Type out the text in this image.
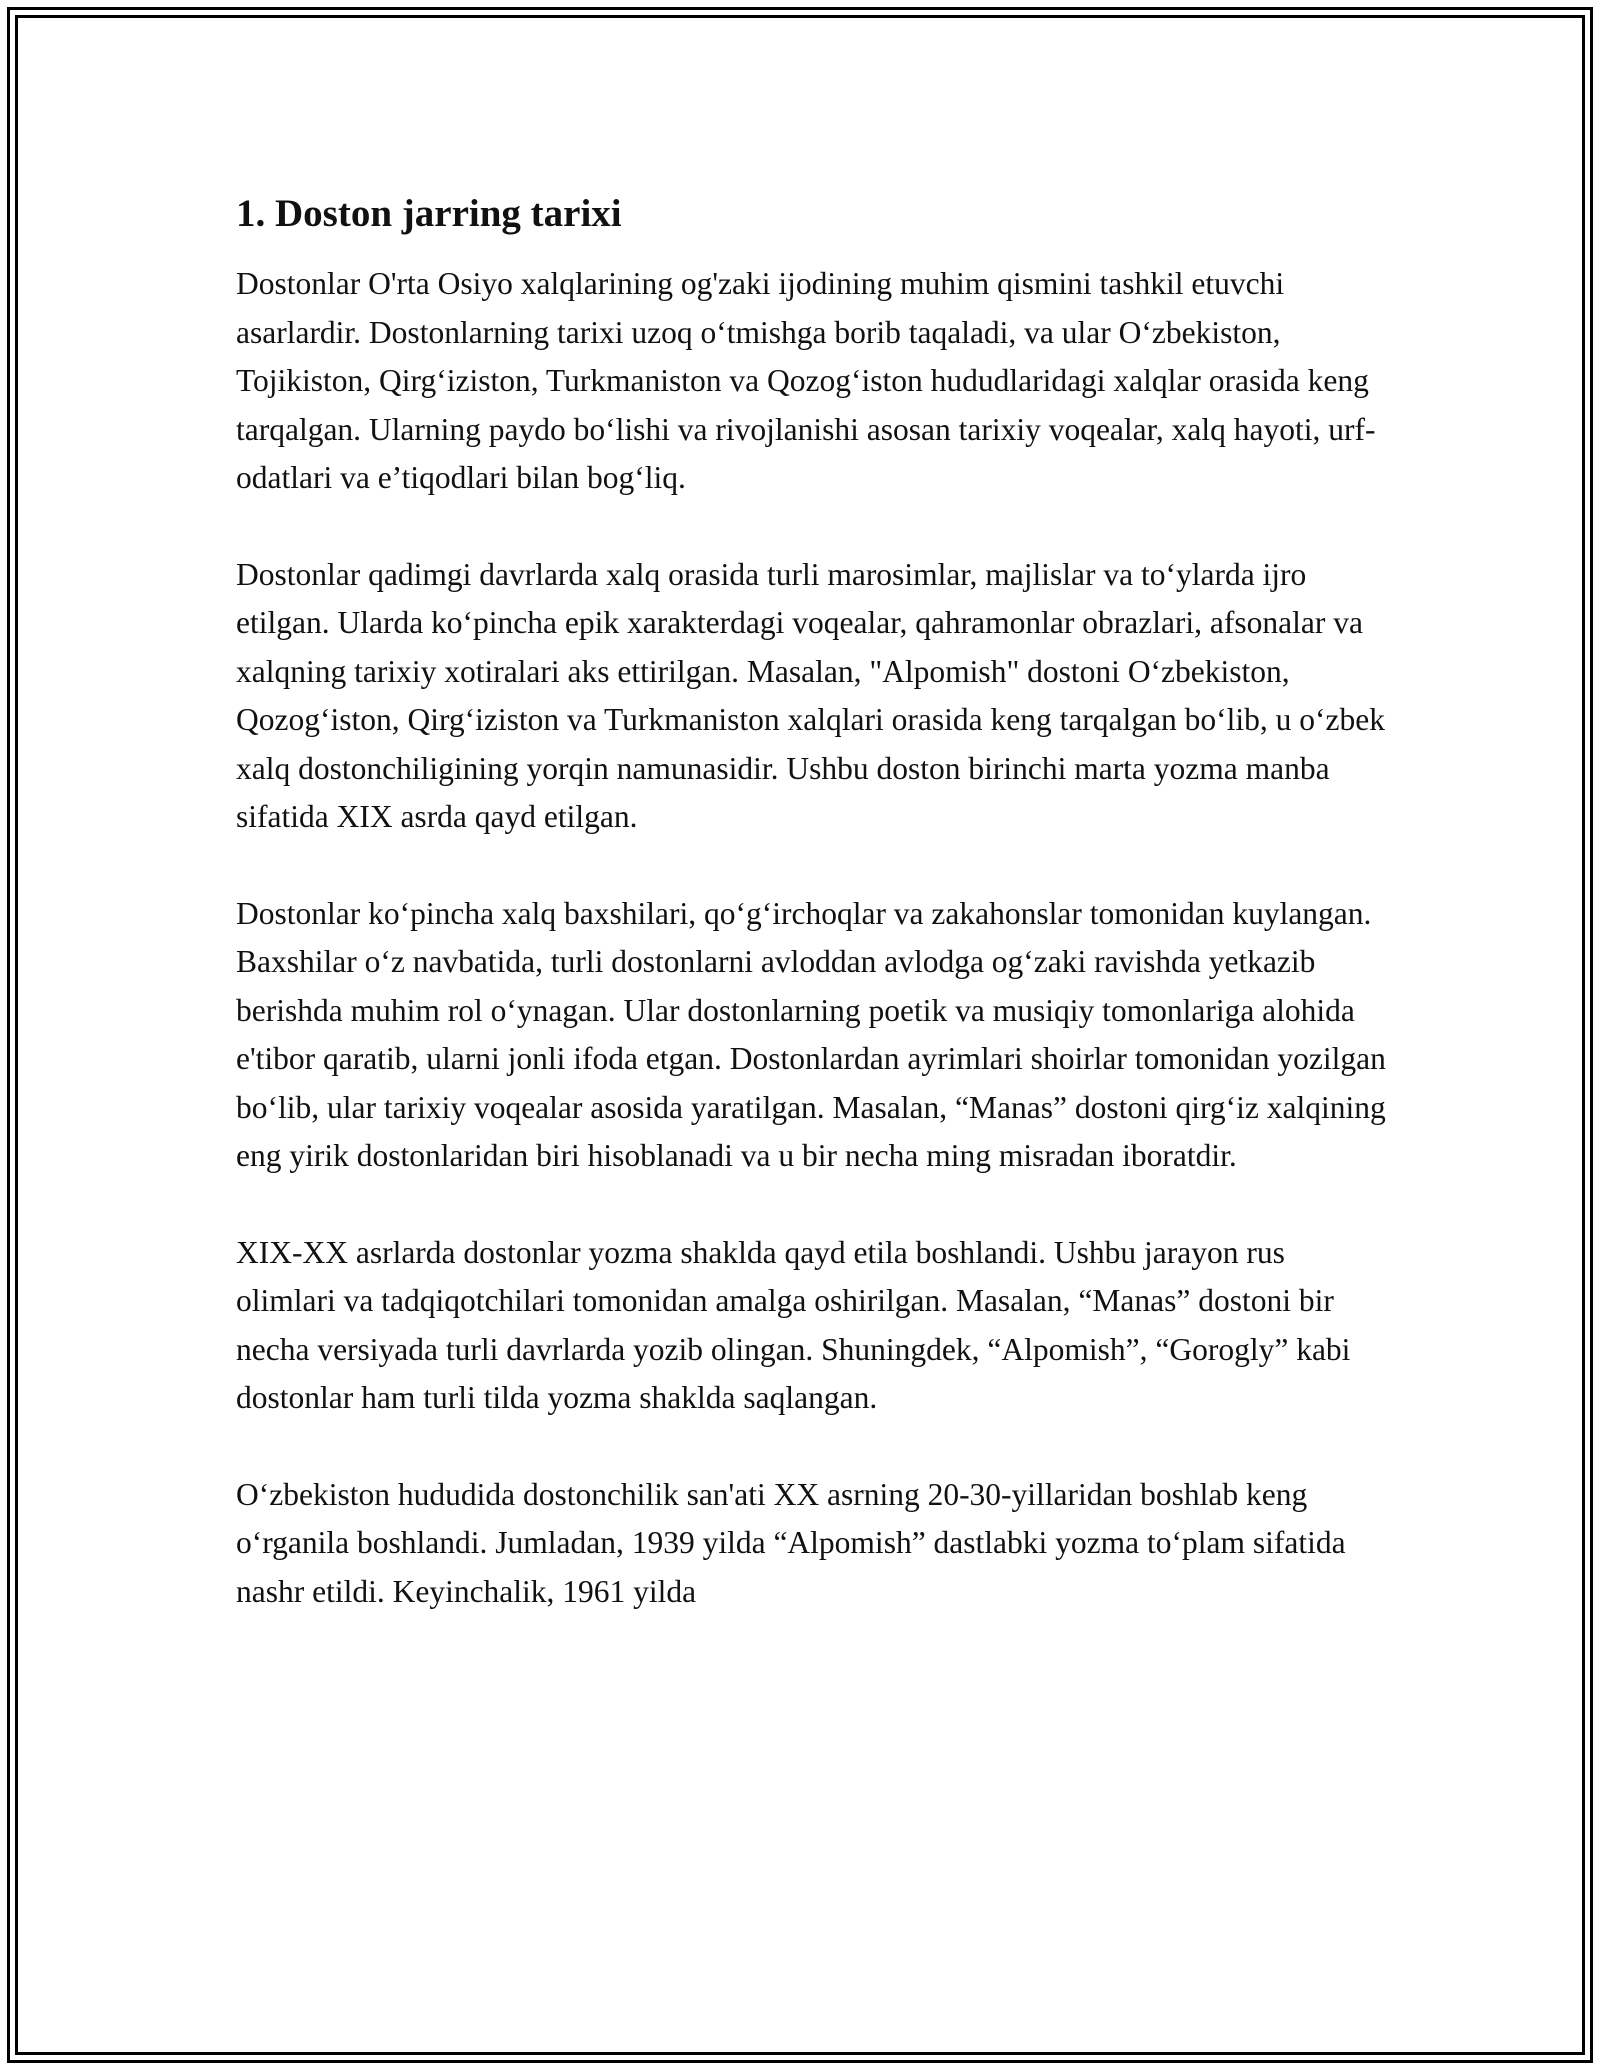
1. Doston jarring tarixi

Dostonlar O'rta Osiyo xalqlarining og'zaki ijodining muhim qismini tashkil etuvchi asarlardir. Dostonlarning tarixi uzoq o‘tmishga borib taqaladi, va ular O‘zbekiston, Tojikiston, Qirg‘iziston, Turkmaniston va Qozog‘iston hududlaridagi xalqlar orasida keng tarqalgan. Ularning paydo bo‘lishi va rivojlanishi asosan tarixiy voqealar, xalq hayoti, urf-odatlari va e’tiqodlari bilan bog‘liq.

Dostonlar qadimgi davrlarda xalq orasida turli marosimlar, majlislar va to‘ylarda ijro etilgan. Ularda ko‘pincha epik xarakterdagi voqealar, qahramonlar obrazlari, afsonalar va xalqning tarixiy xotiralari aks ettirilgan. Masalan, "Alpomish" dostoni O‘zbekiston, Qozog‘iston, Qirg‘iziston va Turkmaniston xalqlari orasida keng tarqalgan bo‘lib, u o‘zbek xalq dostonchiligining yorqin namunasidir. Ushbu doston birinchi marta yozma manba sifatida XIX asrda qayd etilgan.

Dostonlar ko‘pincha xalq baxshilari, qo‘g‘irchoqlar va zakahonslar tomonidan kuylangan. Baxshilar o‘z navbatida, turli dostonlarni avloddan avlodga og‘zaki ravishda yetkazib berishda muhim rol o‘ynagan. Ular dostonlarning poetik va musiqiy tomonlariga alohida e'tibor qaratib, ularni jonli ifoda etgan. Dostonlardan ayrimlari shoirlar tomonidan yozilgan bo‘lib, ular tarixiy voqealar asosida yaratilgan. Masalan, “Manas” dostoni qirg‘iz xalqining eng yirik dostonlaridan biri hisoblanadi va u bir necha ming misradan iboratdir.

XIX-XX asrlarda dostonlar yozma shaklda qayd etila boshlandi. Ushbu jarayon rus olimlari va tadqiqotchilari tomonidan amalga oshirilgan. Masalan, “Manas” dostoni bir necha versiyada turli davrlarda yozib olingan. Shuningdek, “Alpomish”, “Gorogly” kabi dostonlar ham turli tilda yozma shaklda saqlangan.

O‘zbekiston hududida dostonchilik san'ati XX asrning 20-30-yillaridan boshlab keng o‘rganila boshlandi. Jumladan, 1939 yilda “Alpomish” dastlabki yozma to‘plam sifatida nashr etildi. Keyinchalik, 1961 yilda
